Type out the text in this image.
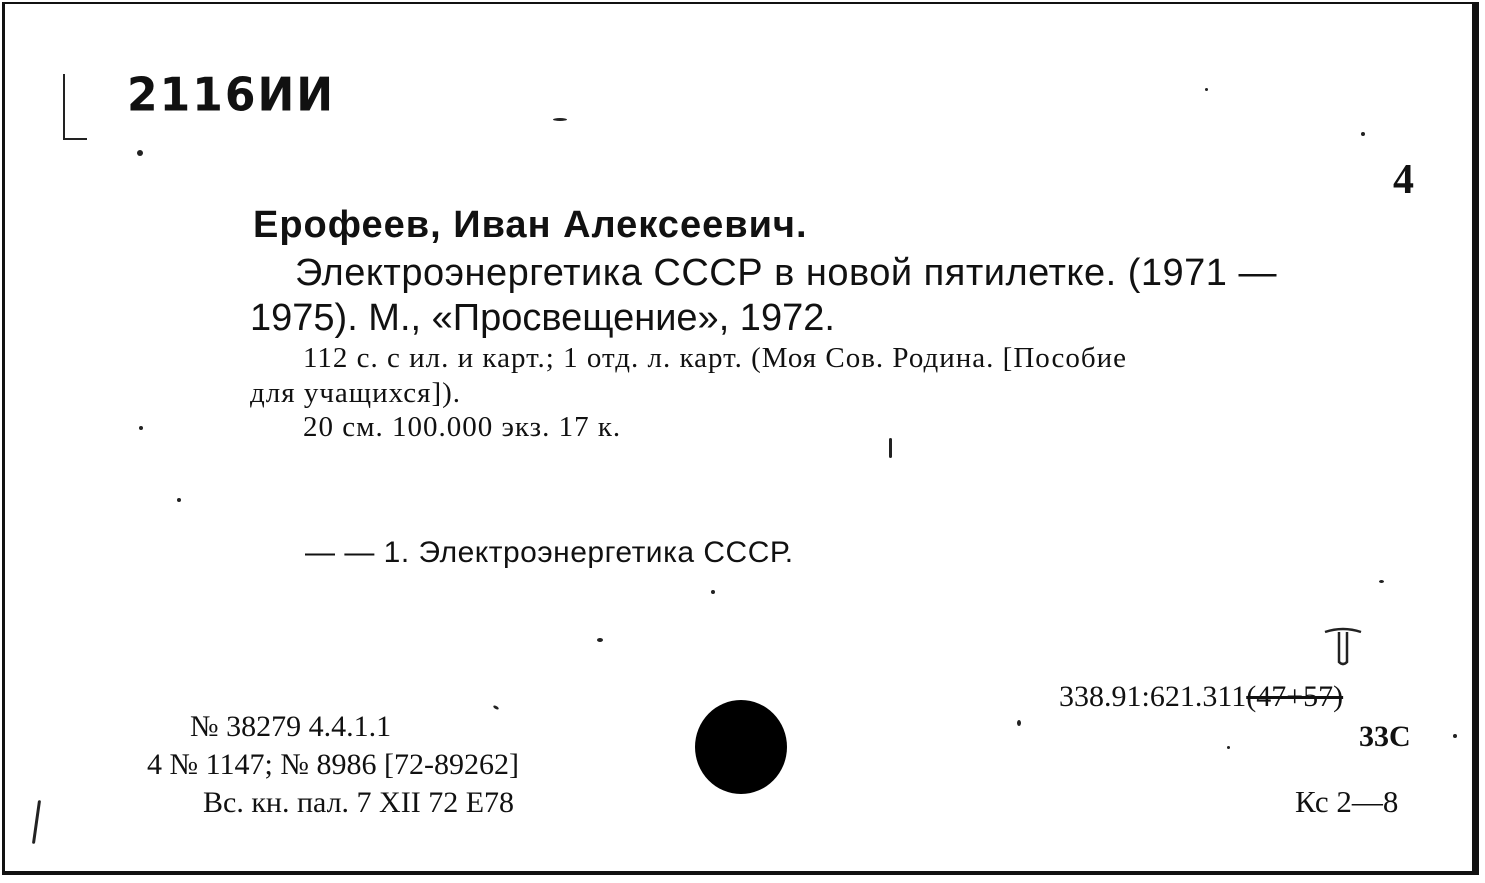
2116ИИ
4
Ерофеев, Иван Алексеевич.
Электроэнергетика СССР в новой пятилетке. (1971 —
1975). М., «Просвещение», 1972.
112 с. с ил. и карт.; 1 отд. л. карт. (Моя Сов. Родина. [Пособие
для учащихся]).
20 см. 100.000 экз. 17 к.
— — 1. Электроэнергетика СССР.
338.91:621.311(47+57)
33С
Кс 2—8
№ 38279 4.4.1.1
4 № 1147; № 8986 [72-89262]
Вс. кн. пал. 7 XII 72 Е78
